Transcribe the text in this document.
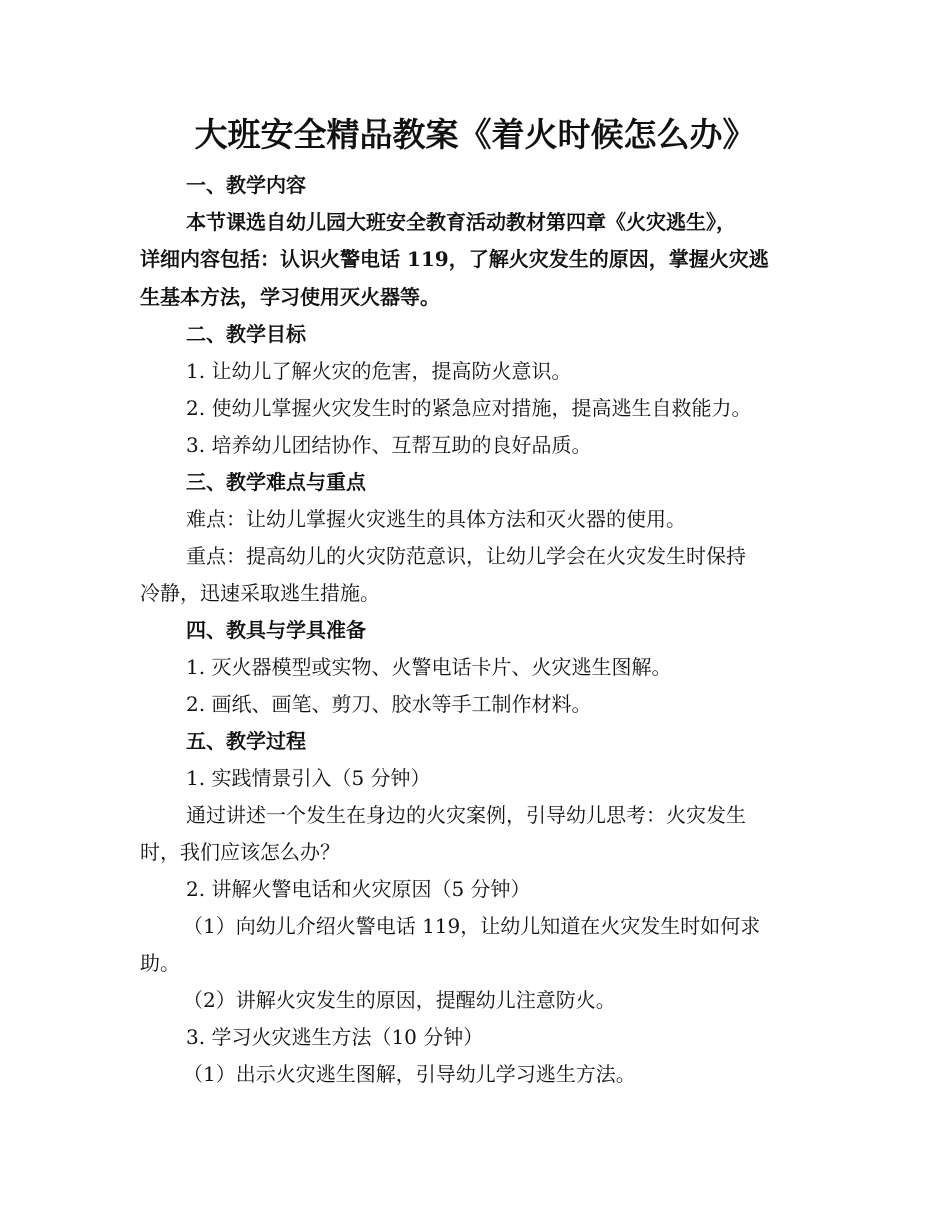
大班安全精品教案《着火时候怎么办》
一、教学内容
本节课选自幼儿园大班安全教育活动教材第四章《火灾逃生》，
详细内容包括：认识火警电话 119，了解火灾发生的原因，掌握火灾逃
生基本方法，学习使用灭火器等。
二、教学目标
1. 让幼儿了解火灾的危害，提高防火意识。
2. 使幼儿掌握火灾发生时的紧急应对措施，提高逃生自救能力。
3. 培养幼儿团结协作、互帮互助的良好品质。
三、教学难点与重点
难点：让幼儿掌握火灾逃生的具体方法和灭火器的使用。
重点：提高幼儿的火灾防范意识，让幼儿学会在火灾发生时保持
冷静，迅速采取逃生措施。
四、教具与学具准备
1. 灭火器模型或实物、火警电话卡片、火灾逃生图解。
2. 画纸、画笔、剪刀、胶水等手工制作材料。
五、教学过程
1. 实践情景引入（5 分钟）
通过讲述一个发生在身边的火灾案例，引导幼儿思考：火灾发生
时，我们应该怎么办？
2. 讲解火警电话和火灾原因（5 分钟）
（1）向幼儿介绍火警电话 119，让幼儿知道在火灾发生时如何求
助。
（2）讲解火灾发生的原因，提醒幼儿注意防火。
3. 学习火灾逃生方法（10 分钟）
（1）出示火灾逃生图解，引导幼儿学习逃生方法。
